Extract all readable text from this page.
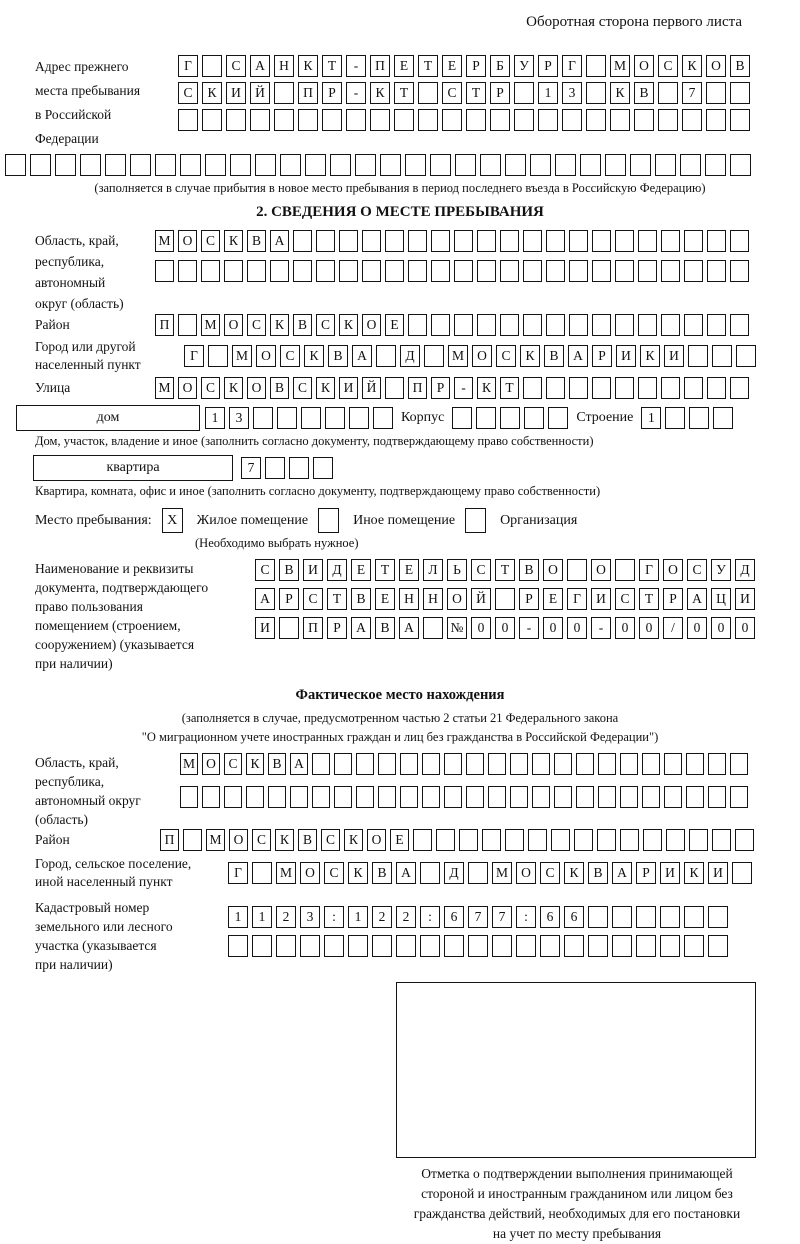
Оборотная сторона первого листа
Адрес прежнего
места пребывания
в Российской
Федерации
Г	С	А	Н	К	Т	-	П	Е	Т	Е	Р	Б	У	Р	Г	М О	С	К	О	В
С	К	И	Й	П	Р	-	К	Т	С	Т	Р	1	3	К	В	7
(заполняется в случае прибытия в новое место пребывания в период последнего въезда в Российскую Федерацию)
2. СВЕДЕНИЯ О МЕСТЕ ПРЕБЫВАНИЯ
Область, край,
республика,
автономный
округ (область)
М О	С	К	В	А
Район	П	М О	С	К	В	С	К	О	Е
Город или другой
населенный пункт
Г	М О	С	К	В	А	Д	М О	С	К	В	А	Р	И	К	И
Улица	М О	С	К	О	В	С	К	И Й	П	Р	-	К	Т
дом	1	3	Корпус	Строение	1
Дом, участок, владение и иное (заполнить согласно документу, подтверждающему право собственности)
квартира	7
Квартира, комната, офис и иное (заполнить согласно документу, подтверждающему право собственности)
Место пребывания:	X	Жилое помещение	Иное помещение	Организация
(Необходимо выбрать нужное)
Наименование и реквизиты
документа, подтверждающего
право пользования
помещением (строением,
сооружением) (указывается
при наличии)
С	В	И	Д	Е	Т	Е	Л	Ь	С	Т	В	О	О	Г	О	С	У	Д
А	Р	С	Т	В	Е	Н	Н	О	Й	Р	Е	Г	И	С	Т	Р	А	Ц	И
И	П	Р	А	В	А	№	0	0	-	0	0	-	0	0	/	0	0	0
Фактическое место нахождения
(заполняется в случае, предусмотренном частью 2 статьи 21 Федерального закона
"О миграционном учете иностранных граждан и лиц без гражданства в Российской Федерации")
Область, край,
республика,
автономный округ
(область)
М О С К В А
Район	П	М О	С	К	В	С	К	О	Е
Город, сельское поселение,
иной населенный пункт
Г	М О	С	К	В	А	Д	М О	С	К	В	А	Р	И	К	И
Кадастровый номер
земельного или лесного
участка (указывается
при наличии)
1	1	2	3	:	1	2	2	:	6	7	7	:	6	6
Отметка о подтверждении выполнения принимающей
стороной и иностранным гражданином или лицом без
гражданства действий, необходимых для его постановки
на учет по месту пребывания
